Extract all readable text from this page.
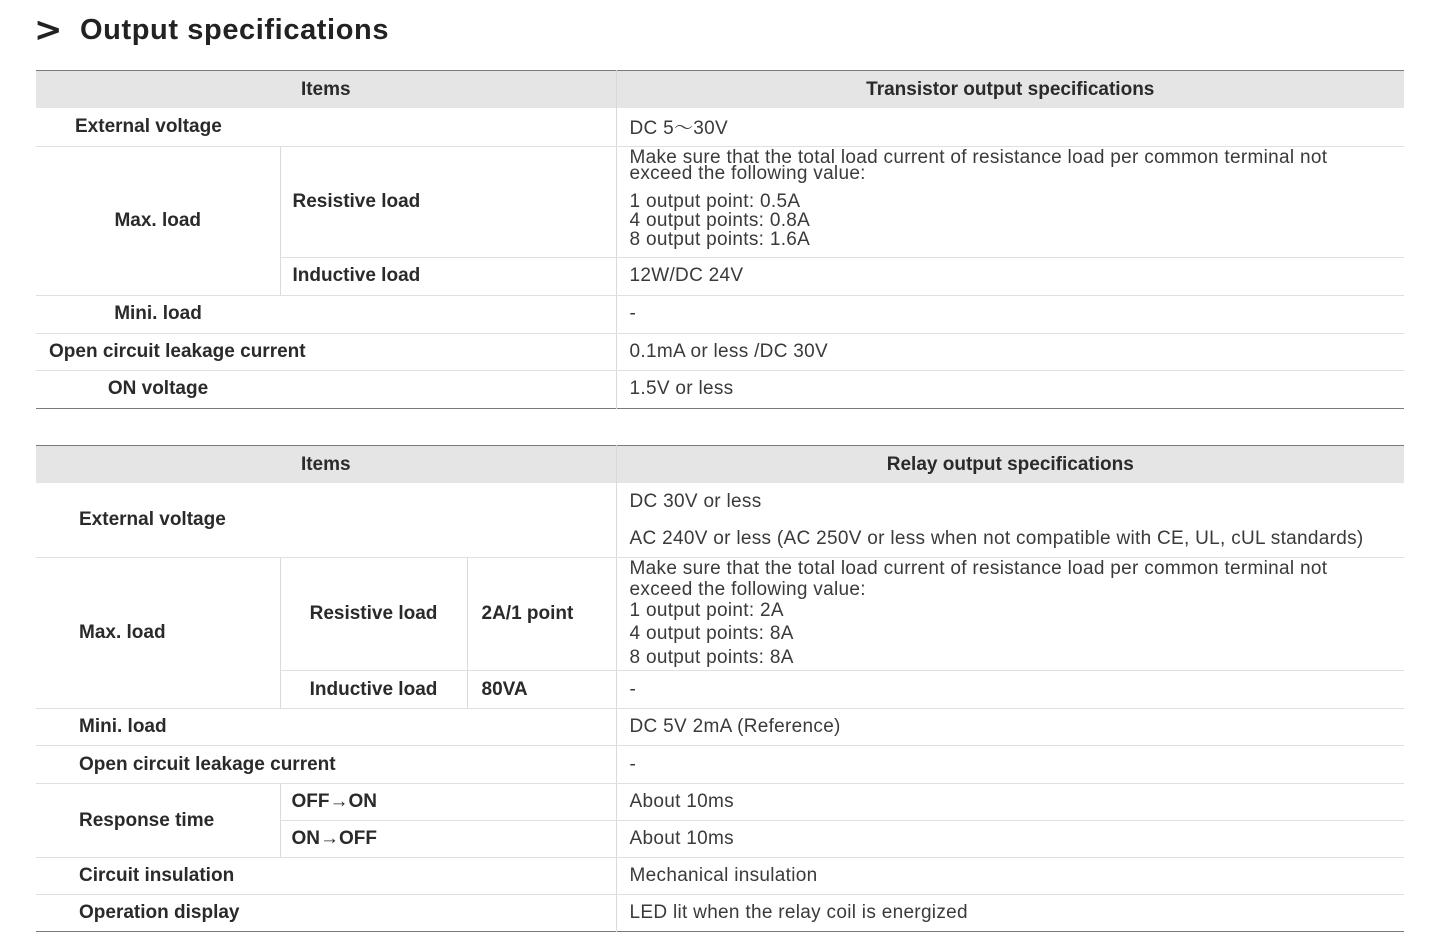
> Output specifications
Items		Transistor output specifications
External voltage		DC 5～30V
Max. load	Resistive load	Make sure that the total load current of resistance load per common terminal not
exceed the following value:
1 output point: 0.5A
4 output points: 0.8A
8 output points: 1.6A

	Inductive load	12W/DC 24V
Mini. load		-
Open circuit leakage current		0.1mA or less /DC 30V
ON voltage		1.5V or less
Items			Relay output specifications
External voltage			DC 30V or less
AC 240V or less (AC 250V or less when not compatible with CE, UL, cUL standards)

Max. load	Resistive load	2A/1 point	Make sure that the total load current of resistance load per common terminal not
exceed the following value:
1 output point: 2A
4 output points: 8A
8 output points: 8A

	Inductive load	80VA	-
Mini. load			DC 5V 2mA (Reference)
Open circuit leakage current			-
Response time	OFF→ON		About 10ms
	ON→OFF		About 10ms
Circuit insulation			Mechanical insulation
Operation display			LED lit when the relay coil is energized
